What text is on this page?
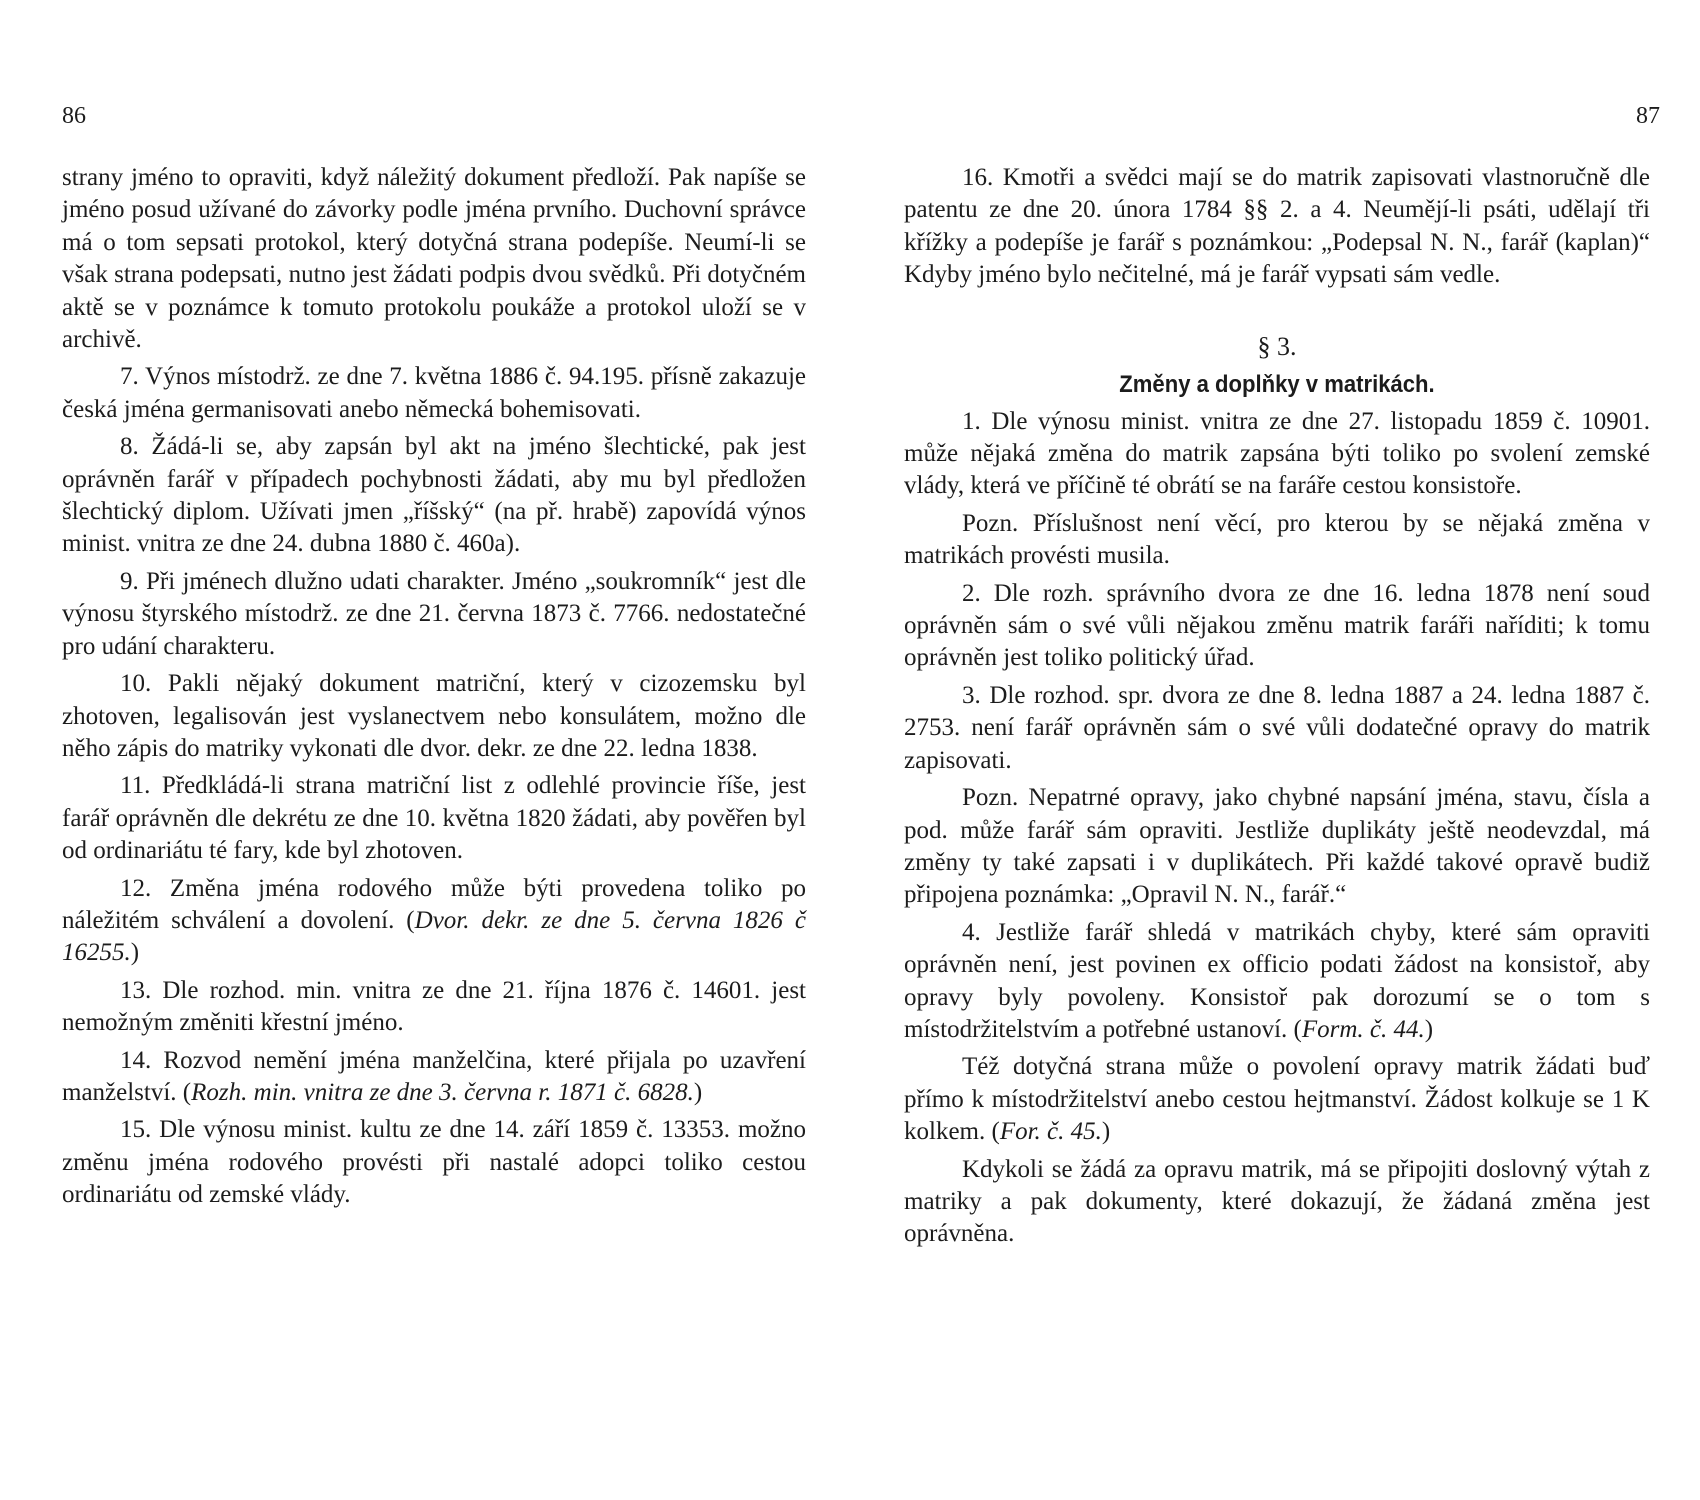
86

strany jméno to opraviti, když náležitý dokument předloží. Pak napíše se jméno posud užívané do závorky podle jména prvního. Duchovní správce má o tom sepsati protokol, který dotyčná strana podepíše. Neumí-li se však strana podepsati, nutno jest žádati podpis dvou svědků. Při dotyčném aktě se v poznámce k tomuto protokolu poukáže a protokol uloží se v archivě.

7. Výnos místodrž. ze dne 7. května 1886 č. 94.195. přísně zakazuje česká jména germanisovati anebo německá bohemisovati.

8. Žádá-li se, aby zapsán byl akt na jméno šlechtické, pak jest oprávněn farář v případech pochybnosti žádati, aby mu byl předložen šlechtický diplom. Užívati jmen „říšský“ (na př. hrabě) zapovídá výnos minist. vnitra ze dne 24. dubna 1880 č. 460a).

9. Při jménech dlužno udati charakter. Jméno „soukromník“ jest dle výnosu štyrského místodrž. ze dne 21. června 1873 č. 7766. nedostatečné pro udání charakteru.

10. Pakli nějaký dokument matriční, který v cizozemsku byl zhotoven, legalisován jest vyslanectvem nebo konsulátem, možno dle něho zápis do matriky vykonati dle dvor. dekr. ze dne 22. ledna 1838.

11. Předkládá-li strana matriční list z odlehlé provincie říše, jest farář oprávněn dle dekrétu ze dne 10. května 1820 žádati, aby pověřen byl od ordinariátu té fary, kde byl zhotoven.

12. Změna jména rodového může býti provedena toliko po náležitém schválení a dovolení. (Dvor. dekr. ze dne 5. června 1826 č 16255.)

13. Dle rozhod. min. vnitra ze dne 21. října 1876 č. 14601. jest nemožným změniti křestní jméno.

14. Rozvod nemění jména manželčina, které přijala po uzavření manželství. (Rozh. min. vnitra ze dne 3. června r. 1871 č. 6828.)

15. Dle výnosu minist. kultu ze dne 14. září 1859 č. 13353. možno změnu jména rodového provésti při nastalé adopci toliko cestou ordinariátu od zemské vlády.

87

16. Kmotři a svědci mají se do matrik zapisovati vlastnoručně dle patentu ze dne 20. února 1784 §§ 2. a 4. Neumějí-li psáti, udělají tři křížky a podepíše je farář s poznámkou: „Podepsal N. N., farář (kaplan)“ Kdyby jméno bylo nečitelné, má je farář vypsati sám vedle.

§ 3.
Změny a doplňky v matrikách.

1. Dle výnosu minist. vnitra ze dne 27. listopadu 1859 č. 10901. může nějaká změna do matrik zapsána býti toliko po svolení zemské vlády, která ve příčině té obrátí se na faráře cestou konsistoře.

Pozn. Příslušnost není věcí, pro kterou by se nějaká změna v matrikách provésti musila.

2. Dle rozh. správního dvora ze dne 16. ledna 1878 není soud oprávněn sám o své vůli nějakou změnu matrik faráři naříditi; k tomu oprávněn jest toliko politický úřad.

3. Dle rozhod. spr. dvora ze dne 8. ledna 1887 a 24. ledna 1887 č. 2753. není farář oprávněn sám o své vůli dodatečné opravy do matrik zapisovati.

Pozn. Nepatrné opravy, jako chybné napsání jména, stavu, čísla a pod. může farář sám opraviti. Jestliže duplikáty ještě neodevzdal, má změny ty také zapsati i v duplikátech. Při každé takové opravě budiž připojena poznámka: „Opravil N. N., farář.“

4. Jestliže farář shledá v matrikách chyby, které sám opraviti oprávněn není, jest povinen ex officio podati žádost na konsistoř, aby opravy byly povoleny. Konsistoř pak dorozumí se o tom s místodržitelstvím a potřebné ustanoví. (Form. č. 44.)

Též dotyčná strana může o povolení opravy matrik žádati buď přímo k místodržitelství anebo cestou hejtmanství. Žádost kolkuje se 1 K kolkem. (For. č. 45.)

Kdykoli se žádá za opravu matrik, má se připojiti doslovný výtah z matriky a pak dokumenty, které dokazují, že žádaná změna jest oprávněna.
